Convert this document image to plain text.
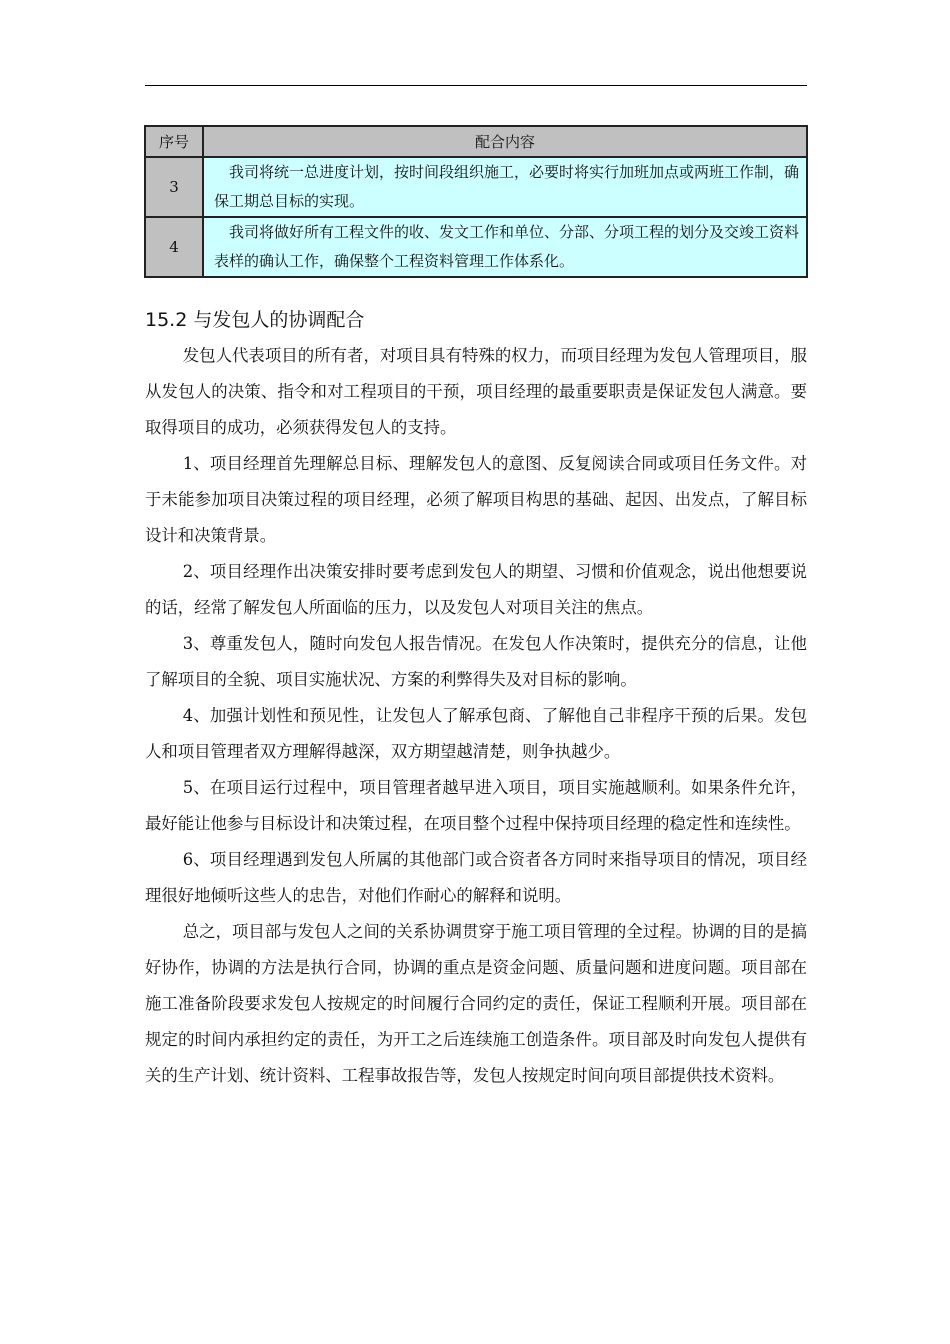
序号	配合内容
3	我司将统一总进度计划，按时间段组织施工，必要时将实行加班加点或两班工作制，确保工期总目标的实现。
4	我司将做好所有工程文件的收、发文工作和单位、分部、分项工程的划分及交竣工资料表样的确认工作，确保整个工程资料管理工作体系化。
15.2 与发包人的协调配合

发包人代表项目的所有者，对项目具有特殊的权力，而项目经理为发包人管理项目，服从发包人的决策、指令和对工程项目的干预，项目经理的最重要职责是保证发包人满意。要取得项目的成功，必须获得发包人的支持。

1、项目经理首先理解总目标、理解发包人的意图、反复阅读合同或项目任务文件。对于未能参加项目决策过程的项目经理，必须了解项目构思的基础、起因、出发点，了解目标设计和决策背景。

2、项目经理作出决策安排时要考虑到发包人的期望、习惯和价值观念，说出他想要说的话，经常了解发包人所面临的压力，以及发包人对项目关注的焦点。

3、尊重发包人，随时向发包人报告情况。在发包人作决策时，提供充分的信息，让他了解项目的全貌、项目实施状况、方案的利弊得失及对目标的影响。

4、加强计划性和预见性，让发包人了解承包商、了解他自己非程序干预的后果。发包人和项目管理者双方理解得越深，双方期望越清楚，则争执越少。

5、在项目运行过程中，项目管理者越早进入项目，项目实施越顺利。如果条件允许，最好能让他参与目标设计和决策过程，在项目整个过程中保持项目经理的稳定性和连续性。

6、项目经理遇到发包人所属的其他部门或合资者各方同时来指导项目的情况，项目经理很好地倾听这些人的忠告，对他们作耐心的解释和说明。

总之，项目部与发包人之间的关系协调贯穿于施工项目管理的全过程。协调的目的是搞好协作，协调的方法是执行合同，协调的重点是资金问题、质量问题和进度问题。项目部在施工准备阶段要求发包人按规定的时间履行合同约定的责任，保证工程顺利开展。项目部在规定的时间内承担约定的责任，为开工之后连续施工创造条件。项目部及时向发包人提供有关的生产计划、统计资料、工程事故报告等，发包人按规定时间向项目部提供技术资料。
